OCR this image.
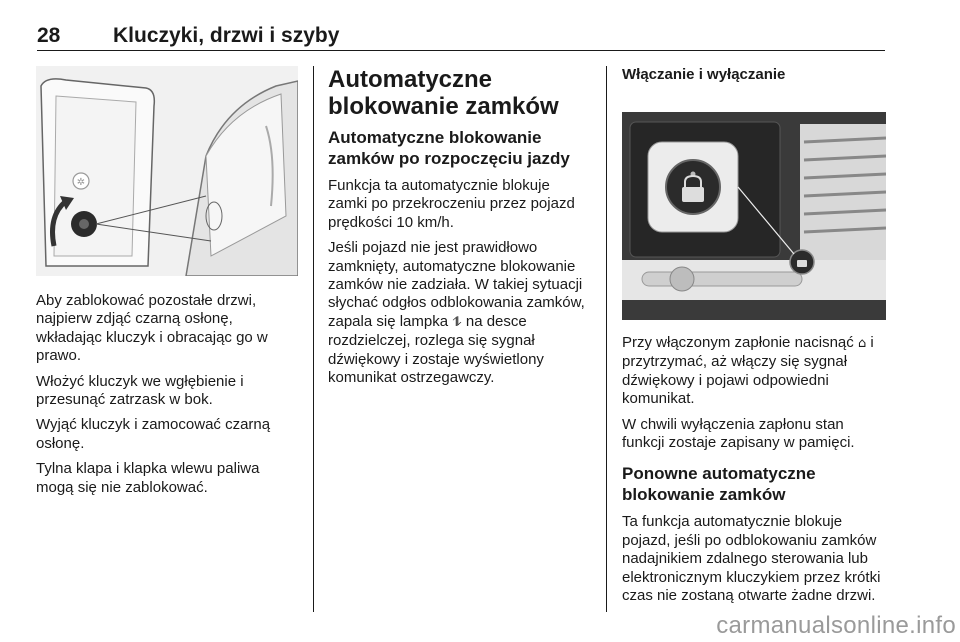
28	Kluczyki, drzwi i szyby
✲

Aby zablokować pozostałe drzwi, najpierw zdjąć czarną osłonę, wkładając kluczyk i obracając go w prawo.

Włożyć kluczyk we wgłębienie i przesunąć zatrzask w bok.

Wyjąć kluczyk i zamocować czarną osłonę.

Tylna klapa i klapka wlewu paliwa mogą się nie zablokować.

Automatyczne blokowanie zamków
Automatyczne blokowanie zamków po rozpoczęciu jazdy

Funkcja ta automatycznie blokuje zamki po przekroczeniu przez pojazd prędkości 10 km/h.

Jeśli pojazd nie jest prawidłowo zamknięty, automatyczne blokowanie zamków nie zadziała. W takiej sytuacji słychać odgłos odblokowania zamków, zapala się lampka ⥮ na desce rozdzielczej, rozlega się sygnał dźwiękowy i zostaje wyświetlony komunikat ostrzegawczy.

Włączanie i wyłączanie

Przy włączonym zapłonie nacisnąć ⌂ i przytrzymać, aż włączy się sygnał dźwiękowy i pojawi odpowiedni komunikat.

W chwili wyłączenia zapłonu stan funkcji zostaje zapisany w pamięci.

Ponowne automatyczne blokowanie zamków

Ta funkcja automatycznie blokuje pojazd, jeśli po odblokowaniu zamków nadajnikiem zdalnego sterowania lub elektronicznym kluczykiem przez krótki czas nie zostaną otwarte żadne drzwi.

carmanualsonline.info
